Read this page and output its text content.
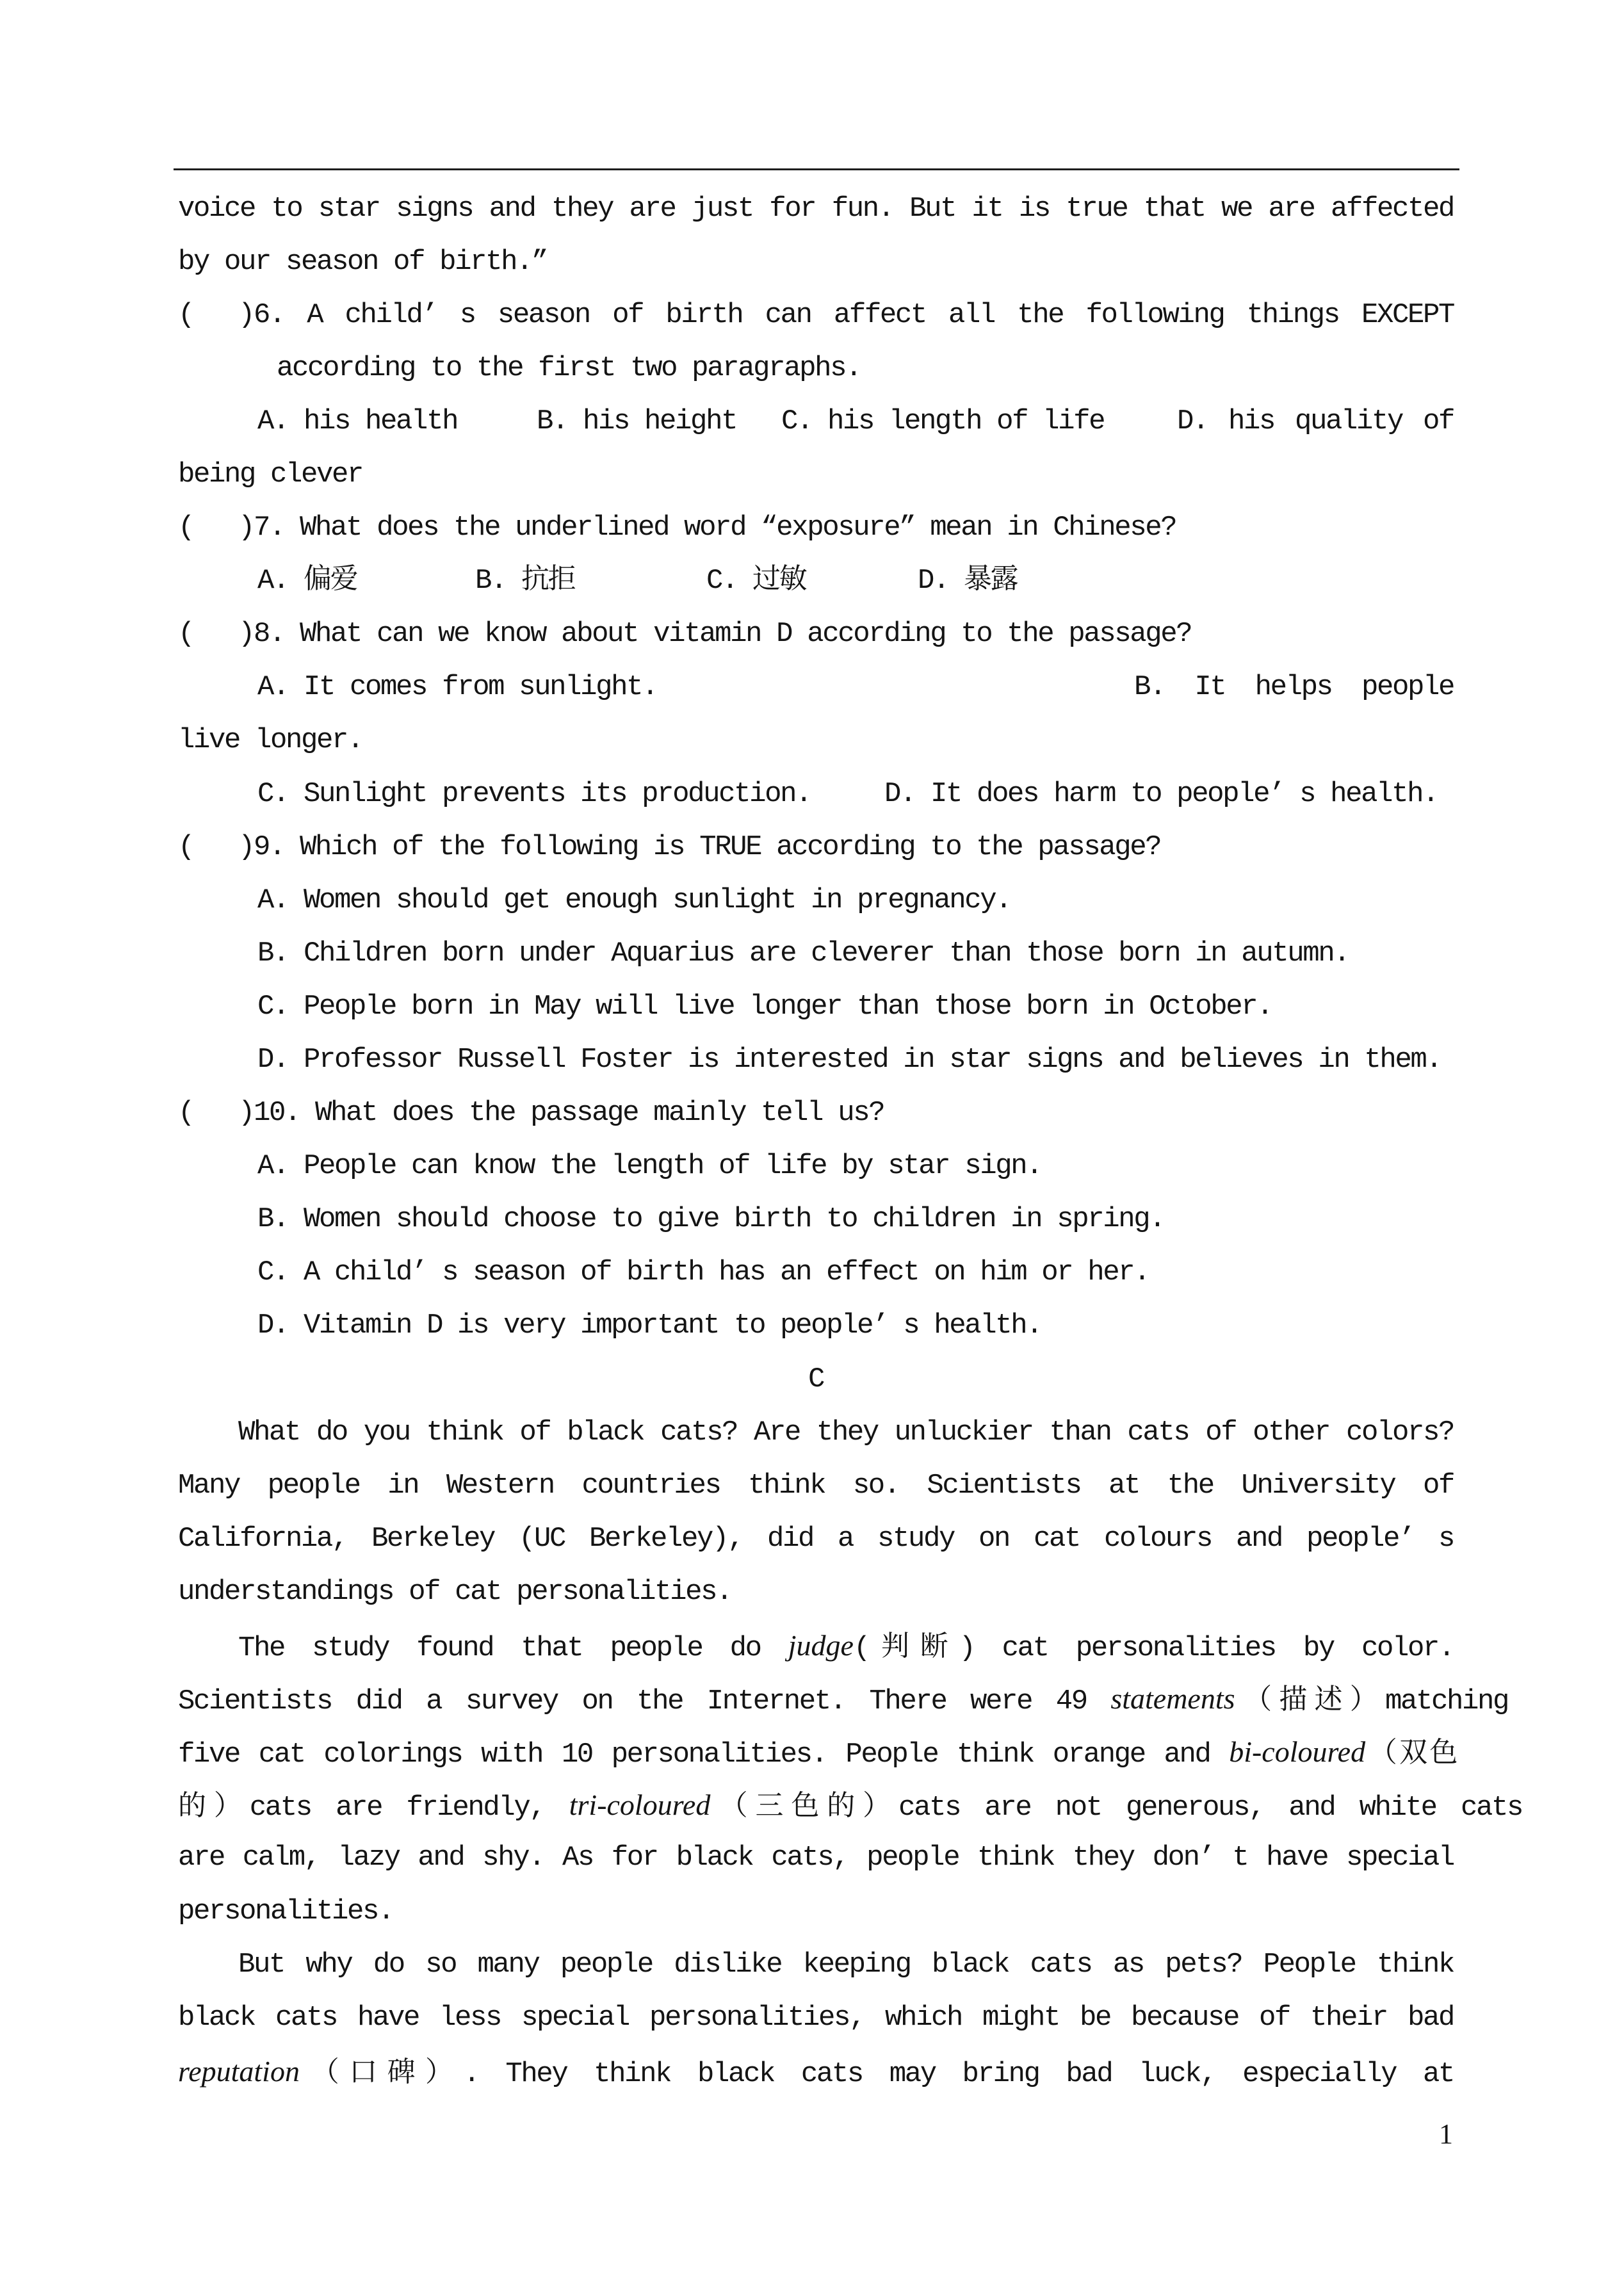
voice to star signs and they are just for fun. But it is true that we are affected
by our season of birth.”
( )6. A child’ s season of birth can affect all the following things EXCEPT
according to the first two paragraphs.
A. his health	B. his height C. his length of life	D. his quality of
being clever
( )7. What does the underlined word “exposure” mean in Chinese?
A. 偏爱	B. 抗拒	C. 过敏	D. 暴露
( )8. What can we know about vitamin D according to the passage?
A. It comes from sunlight.	B. It helps people
live longer.
C. Sunlight prevents its production.	D. It does harm to people’ s health.
( )9. Which of the following is TRUE according to the passage?
A. Women should get enough sunlight in pregnancy.
B. Children born under Aquarius are cleverer than those born in autumn.
C. People born in May will live longer than those born in October.
D. Professor Russell Foster is interested in star signs and believes in them.
( )10. What does the passage mainly tell us?
A. People can know the length of life by star sign.
B. Women should choose to give birth to children in spring.
C. A child’ s season of birth has an effect on him or her.
D. Vitamin D is very important to people’ s health.
C
What do you think of black cats? Are they unluckier than cats of other colors?
Many people in Western countries think so. Scientists at the University of
California, Berkeley (UC Berkeley), did a study on cat colours and people’ s
understandings of cat personalities.
The study found that people do judge(判断) cat personalities by color.
Scientists did a survey on the Internet. There were 49 statements（描述）matching
five cat colorings with 10 personalities. People think orange and bi-coloured（双色
的）cats are friendly, tri-coloured（三色的）cats are not generous, and white cats
are calm, lazy and shy. As for black cats, people think they don’ t have special
personalities.
But why do so many people dislike keeping black cats as pets? People think
black cats have less special personalities, which might be because of their bad
reputation（口碑）. They think black cats may bring bad luck, especially at
1
